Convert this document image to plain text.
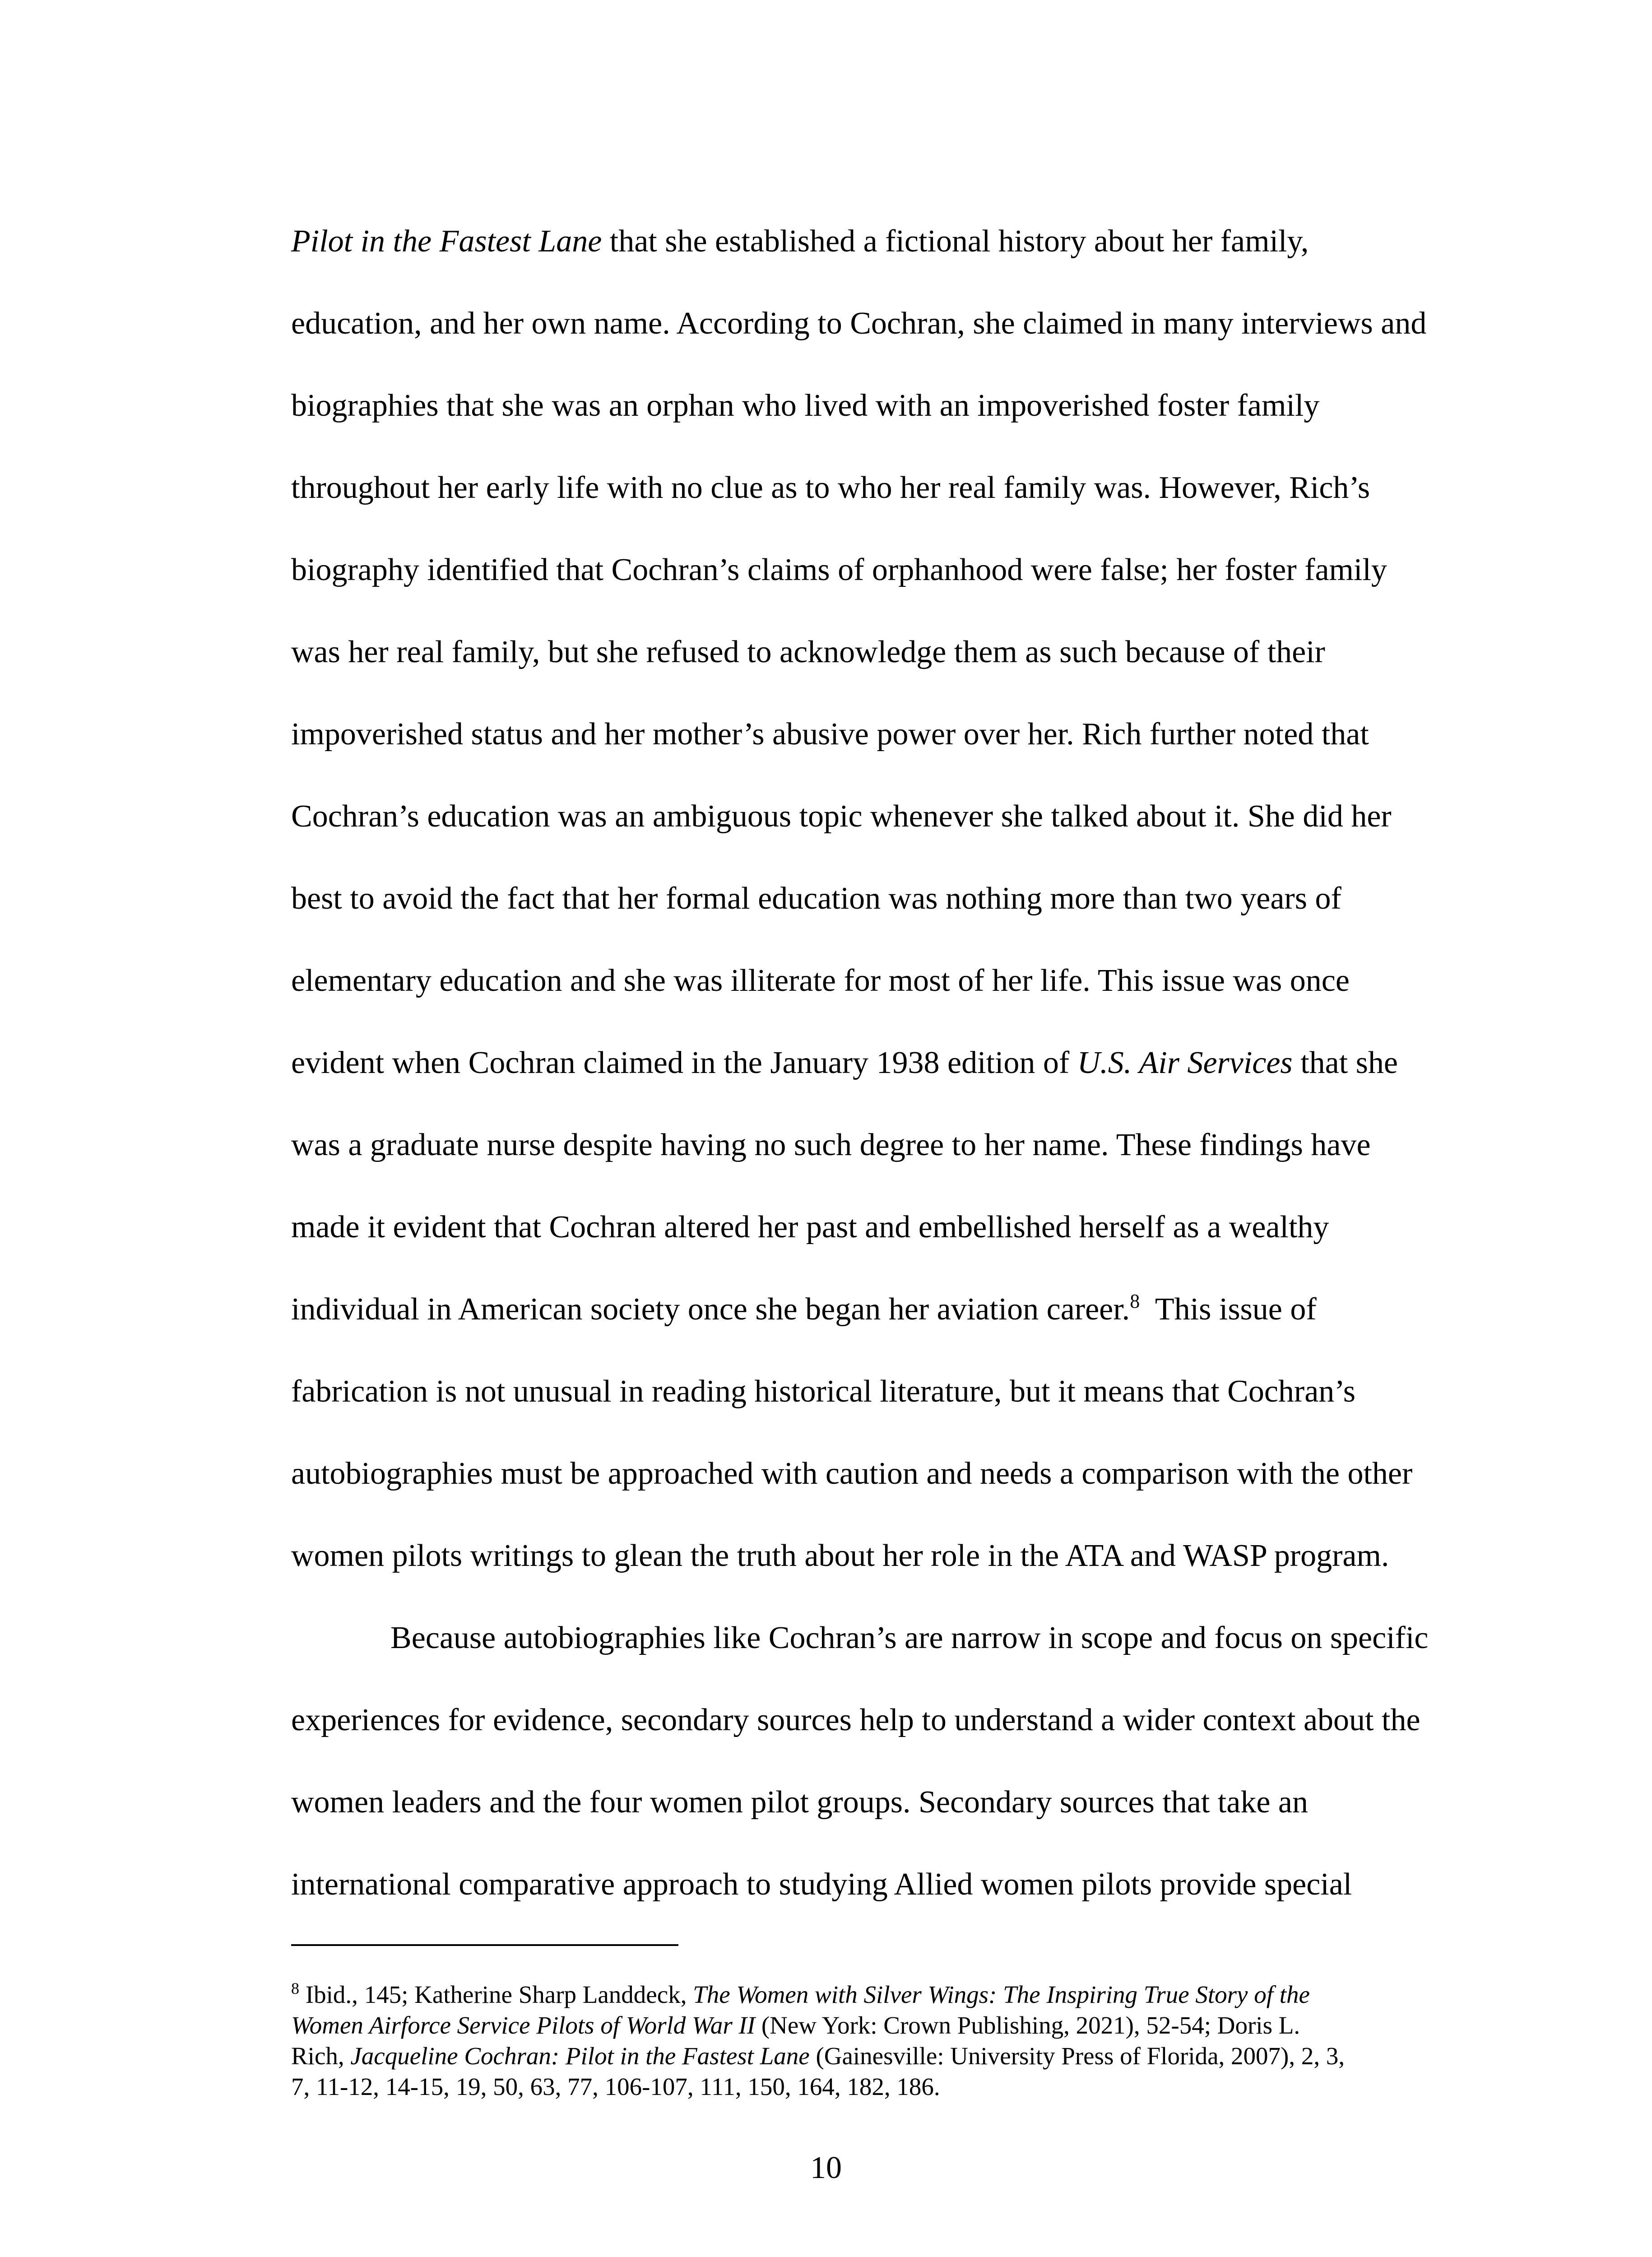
Pilot in the Fastest Lane that she established a fictional history about her family,
education, and her own name. According to Cochran, she claimed in many interviews and
biographies that she was an orphan who lived with an impoverished foster family
throughout her early life with no clue as to who her real family was. However, Rich’s
biography identified that Cochran’s claims of orphanhood were false; her foster family
was her real family, but she refused to acknowledge them as such because of their
impoverished status and her mother’s abusive power over her. Rich further noted that
Cochran’s education was an ambiguous topic whenever she talked about it. She did her
best to avoid the fact that her formal education was nothing more than two years of
elementary education and she was illiterate for most of her life. This issue was once
evident when Cochran claimed in the January 1938 edition of U.S. Air Services that she
was a graduate nurse despite having no such degree to her name. These findings have
made it evident that Cochran altered her past and embellished herself as a wealthy
individual in American society once she began her aviation career.$^8$  This issue of
fabrication is not unusual in reading historical literature, but it means that Cochran’s
autobiographies must be approached with caution and needs a comparison with the other
women pilots writings to glean the truth about her role in the ATA and WASP program.
Because autobiographies like Cochran’s are narrow in scope and focus on specific
experiences for evidence, secondary sources help to understand a wider context about the
women leaders and the four women pilot groups. Secondary sources that take an
international comparative approach to studying Allied women pilots provide special
$^8$ Ibid., 145; Katherine Sharp Landdeck, The Women with Silver Wings: The Inspiring True Story of the
Women Airforce Service Pilots of World War II (New York: Crown Publishing, 2021), 52-54; Doris L.
Rich, Jacqueline Cochran: Pilot in the Fastest Lane (Gainesville: University Press of Florida, 2007), 2, 3,
7, 11-12, 14-15, 19, 50, 63, 77, 106-107, 111, 150, 164, 182, 186.
10
